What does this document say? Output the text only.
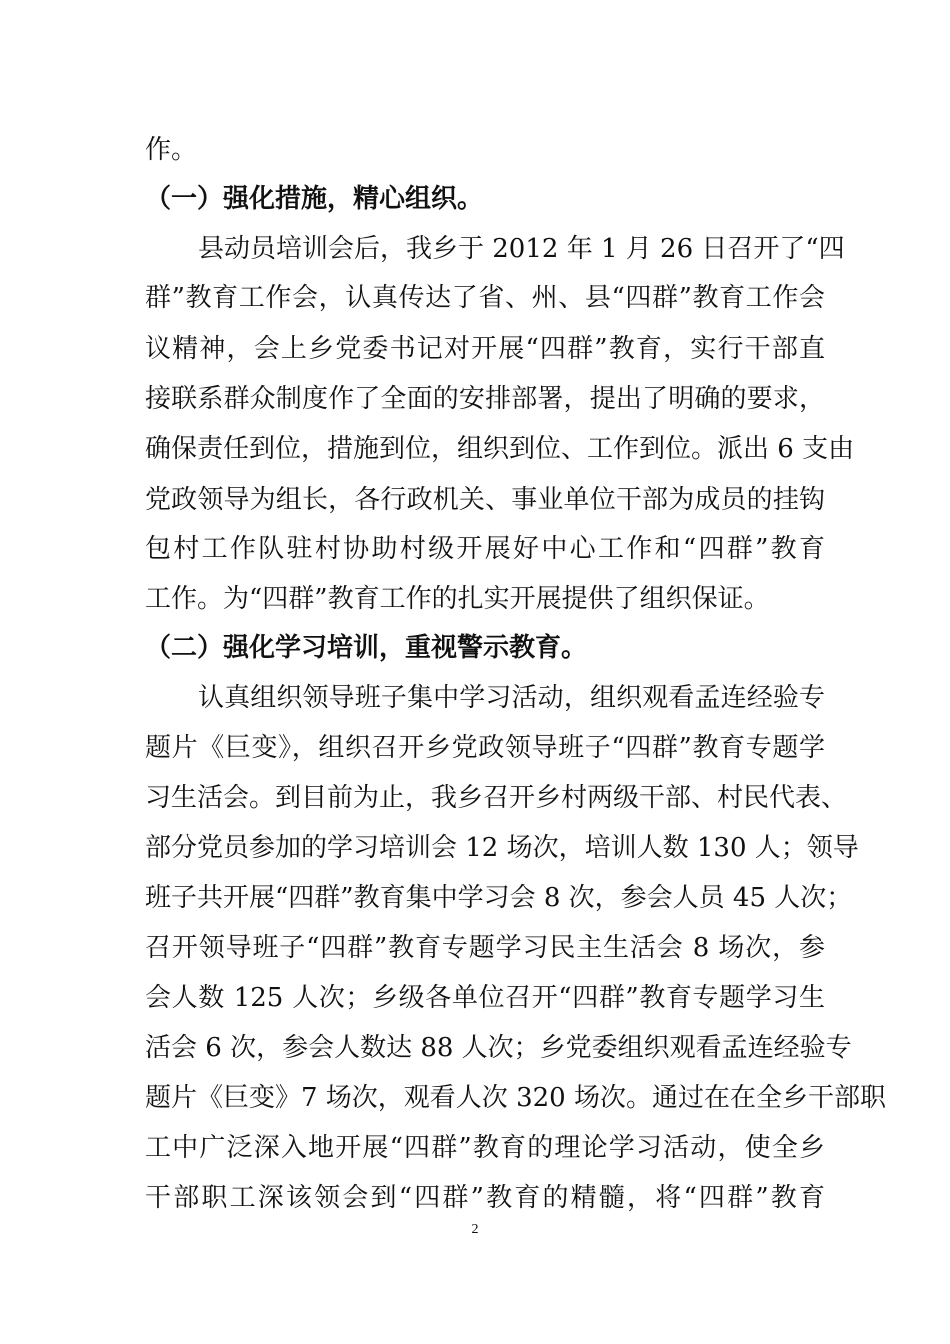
作。
（一）强化措施，精心组织。
县动员培训会后，我乡于 2012 年 1 月 26 日召开了“四
群”教育工作会，认真传达了省、州、县“四群”教育工作会
议精神，会上乡党委书记对开展“四群”教育，实行干部直
接联系群众制度作了全面的安排部署，提出了明确的要求，
确保责任到位，措施到位，组织到位、工作到位。派出 6 支由
党政领导为组长，各行政机关、事业单位干部为成员的挂钩
包村工作队驻村协助村级开展好中心工作和“四群”教育
工作。为“四群”教育工作的扎实开展提供了组织保证。
（二）强化学习培训，重视警示教育。
认真组织领导班子集中学习活动，组织观看孟连经验专
题片《巨变》，组织召开乡党政领导班子“四群”教育专题学
习生活会。到目前为止，我乡召开乡村两级干部、村民代表、
部分党员参加的学习培训会 12 场次，培训人数 130 人；领导
班子共开展“四群”教育集中学习会 8 次，参会人员 45 人次；
召开领导班子“四群”教育专题学习民主生活会 8 场次，参
会人数 125 人次；乡级各单位召开“四群”教育专题学习生
活会 6 次，参会人数达 88 人次；乡党委组织观看孟连经验专
题片《巨变》7 场次，观看人次 320 场次。通过在在全乡干部职
工中广泛深入地开展“四群”教育的理论学习活动，使全乡
干部职工深该领会到“四群”教育的精髓，将“四群”教育
2
